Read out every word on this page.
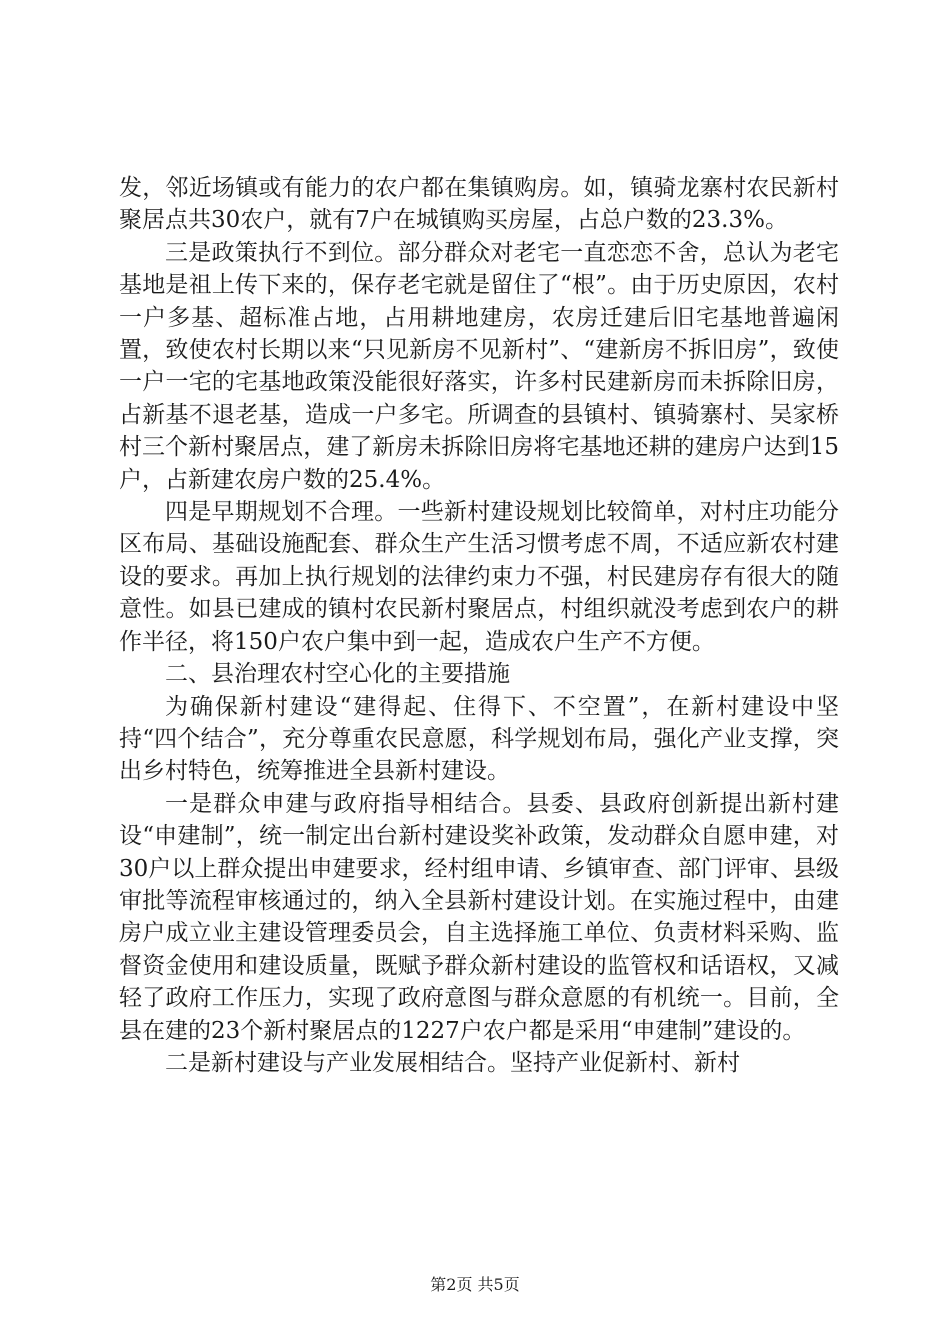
发，邻近场镇或有能力的农户都在集镇购房。如，镇骑龙寨村农民新村聚居点共30农户，就有7户在城镇购买房屋，占总户数的23.3%。

三是政策执行不到位。部分群众对老宅一直恋恋不舍，总认为老宅基地是祖上传下来的，保存老宅就是留住了“根”。由于历史原因，农村一户多基、超标准占地，占用耕地建房，农房迁建后旧宅基地普遍闲置，致使农村长期以来“只见新房不见新村”、“建新房不拆旧房”，致使一户一宅的宅基地政策没能很好落实，许多村民建新房而未拆除旧房，占新基不退老基，造成一户多宅。所调查的县镇村、镇骑寨村、吴家桥村三个新村聚居点，建了新房未拆除旧房将宅基地还耕的建房户达到15户，占新建农房户数的25.4%。

四是早期规划不合理。一些新村建设规划比较简单，对村庄功能分区布局、基础设施配套、群众生产生活习惯考虑不周，不适应新农村建设的要求。再加上执行规划的法律约束力不强，村民建房存有很大的随意性。如县已建成的镇村农民新村聚居点，村组织就没考虑到农户的耕作半径，将150户农户集中到一起，造成农户生产不方便。

二、县治理农村空心化的主要措施

为确保新村建设“建得起、住得下、不空置”，在新村建设中坚持“四个结合”，充分尊重农民意愿，科学规划布局，强化产业支撑，突出乡村特色，统筹推进全县新村建设。

一是群众申建与政府指导相结合。县委、县政府创新提出新村建设“申建制”，统一制定出台新村建设奖补政策，发动群众自愿申建，对30户以上群众提出申建要求，经村组申请、乡镇审查、部门评审、县级审批等流程审核通过的，纳入全县新村建设计划。在实施过程中，由建房户成立业主建设管理委员会，自主选择施工单位、负责材料采购、监督资金使用和建设质量，既赋予群众新村建设的监管权和话语权，又减轻了政府工作压力，实现了政府意图与群众意愿的有机统一。目前，全县在建的23个新村聚居点的1227户农户都是采用“申建制”建设的。

二是新村建设与产业发展相结合。坚持产业促新村、新村

第2页 共5页
